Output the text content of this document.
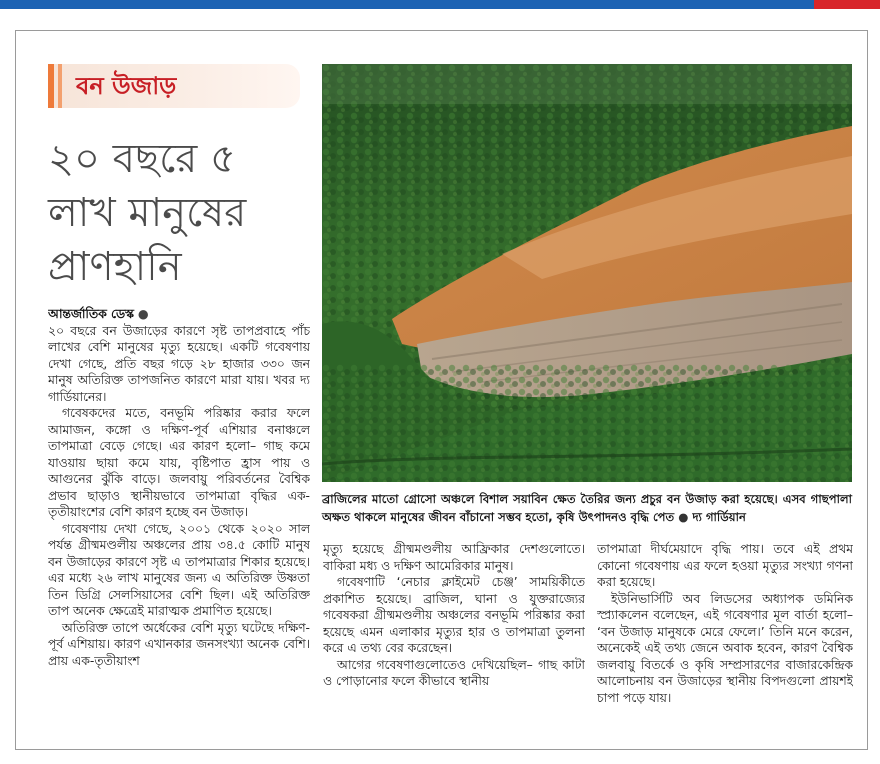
বন উজাড়
২০ বছরে ৫
লাখ মানুষের
প্রাণহানি

আন্তর্জাতিক ডেস্ক ●

২০ বছরে বন উজাড়ের কারণে সৃষ্ট তাপপ্রবাহে পাঁচ লাখের বেশি মানুষের মৃত্যু হয়েছে। একটি গবেষণায় দেখা গেছে, প্রতি বছর গড়ে ২৮ হাজার ৩৩০ জন মানুষ অতিরিক্ত তাপজনিত কারণে মারা যায়। খবর দ্য গার্ডিয়ানের।

গবেষকদের মতে, বনভূমি পরিষ্কার করার ফলে আমাজন, কঙ্গো ও দক্ষিণ-পূর্ব এশিয়ার বনাঞ্চলে তাপমাত্রা বেড়ে গেছে। এর কারণ হলো– গাছ কমে যাওয়ায় ছায়া কমে যায়, বৃষ্টিপাত হ্রাস পায় ও আগুনের ঝুঁকি বাড়ে। জলবায়ু পরিবর্তনের বৈশ্বিক প্রভাব ছাড়াও স্থানীয়ভাবে তাপমাত্রা বৃদ্ধির এক-তৃতীয়াংশের বেশি কারণ হচ্ছে বন উজাড়।

গবেষণায় দেখা গেছে, ২০০১ থেকে ২০২০ সাল পর্যন্ত গ্রীষ্মমণ্ডলীয় অঞ্চলের প্রায় ৩৪.৫ কোটি মানুষ বন উজাড়ের কারণে সৃষ্ট এ তাপমাত্রার শিকার হয়েছে। এর মধ্যে ২৬ লাখ মানুষের জন্য এ অতিরিক্ত উষ্ণতা তিন ডিগ্রি সেলসিয়াসের বেশি ছিল। এই অতিরিক্ত তাপ অনেক ক্ষেত্রেই মারাত্মক প্রমাণিত হয়েছে।

অতিরিক্ত তাপে অর্ধেকের বেশি মৃত্যু ঘটেছে দক্ষিণ-পূর্ব এশিয়ায়। কারণ এখানকার জনসংখ্যা অনেক বেশি। প্রায় এক-তৃতীয়াংশ

ব্রাজিলের মাতো গ্রোসো অঞ্চলে বিশাল সয়াবিন ক্ষেত তৈরির জন্য প্রচুর বন উজাড় করা হয়েছে। এসব গাছপালা অক্ষত থাকলে মানুষের জীবন বাঁচানো সম্ভব হতো, কৃষি উৎপাদনও বৃদ্ধি পেত ● দ্য গার্ডিয়ান

মৃত্যু হয়েছে গ্রীষ্মমণ্ডলীয় আফ্রিকার দেশগুলোতে। বাকিরা মধ্য ও দক্ষিণ আমেরিকার মানুষ।

গবেষণাটি ‘নেচার ক্লাইমেট চেঞ্জ’ সাময়িকীতে প্রকাশিত হয়েছে। ব্রাজিল, ঘানা ও যুক্তরাজ্যের গবেষকরা গ্রীষ্মমণ্ডলীয় অঞ্চলের বনভূমি পরিষ্কার করা হয়েছে এমন এলাকার মৃত্যুর হার ও তাপমাত্রা তুলনা করে এ তথ্য বের করেছেন।

আগের গবেষণাগুলোতেও দেখিয়েছিল– গাছ কাটা ও পোড়ানোর ফলে কীভাবে স্থানীয়

তাপমাত্রা দীর্ঘমেয়াদে বৃদ্ধি পায়। তবে এই প্রথম কোনো গবেষণায় এর ফলে হওয়া মৃত্যুর সংখ্যা গণনা করা হয়েছে।

ইউনিভার্সিটি অব লিডসের অধ্যাপক ডমিনিক স্প্র্যাকলেন বলেছেন, এই গবেষণার মূল বার্তা হলো– ‘বন উজাড় মানুষকে মেরে ফেলে।’ তিনি মনে করেন, অনেকেই এই তথ্য জেনে অবাক হবেন, কারণ বৈশ্বিক জলবায়ু বিতর্কে ও কৃষি সম্প্রসারণের বাজারকেন্দ্রিক আলোচনায় বন উজাড়ের স্থানীয় বিপদগুলো প্রায়শই চাপা পড়ে যায়।
